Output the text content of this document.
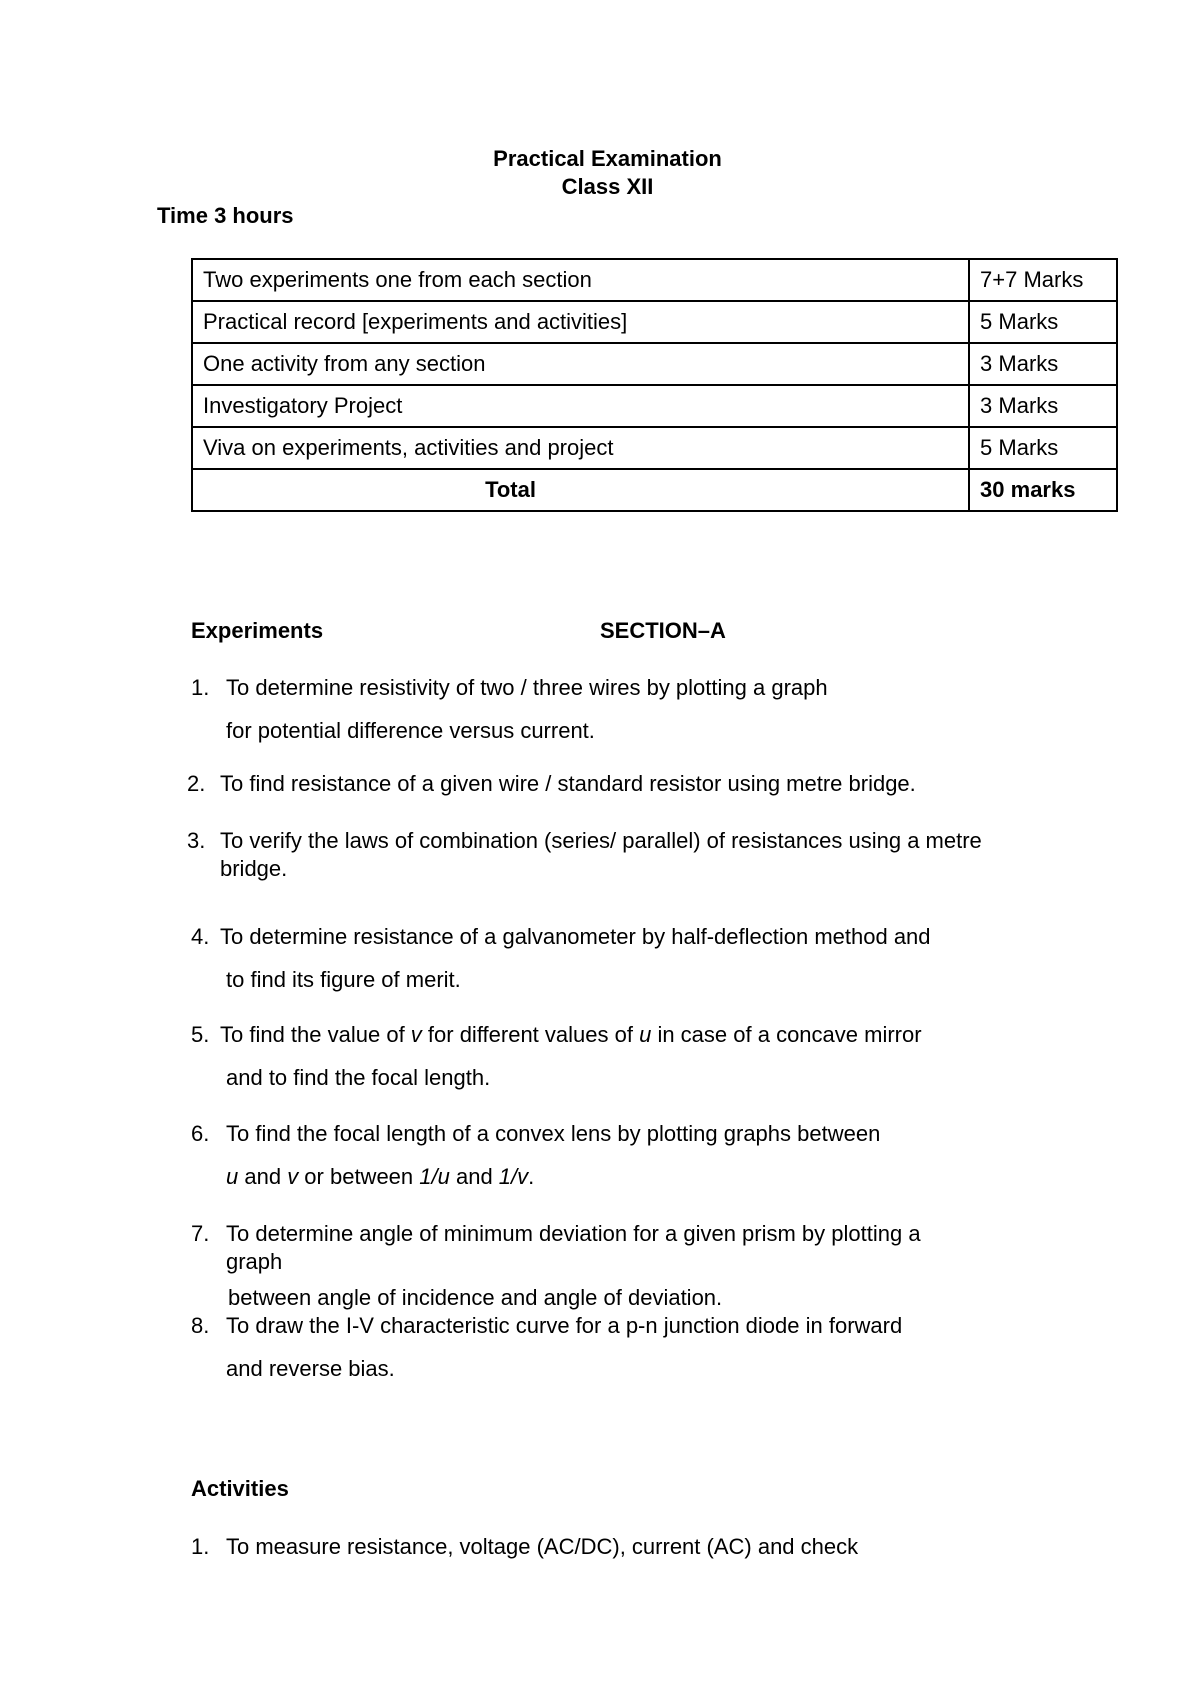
Practical Examination
Class XII
Time 3 hours
Two experiments one from each section	7+7 Marks
Practical record [experiments and activities]	5 Marks
One activity from any section	3 Marks
Investigatory Project	3 Marks
Viva on experiments, activities and project	5 Marks
Total	30 marks
Experiments	SECTION–A
1. To determine resistivity of two / three wires by plotting a graph
for potential difference versus current.
2. To find resistance of a given wire / standard resistor using metre bridge.
3. To verify the laws of combination (series/ parallel) of resistances using a metre
bridge.
4. To determine resistance of a galvanometer by half-deflection method and
to find its figure of merit.
5. To find the value of v for different values of u in case of a concave mirror
and to find the focal length.
6. To find the focal length of a convex lens by plotting graphs between
u and v or between 1/u and 1/v.
7. To determine angle of minimum deviation for a given prism by plotting a
graph
between angle of incidence and angle of deviation.
8. To draw the I-V characteristic curve for a p-n junction diode in forward
and reverse bias.
Activities
1. To measure resistance, voltage (AC/DC), current (AC) and check
